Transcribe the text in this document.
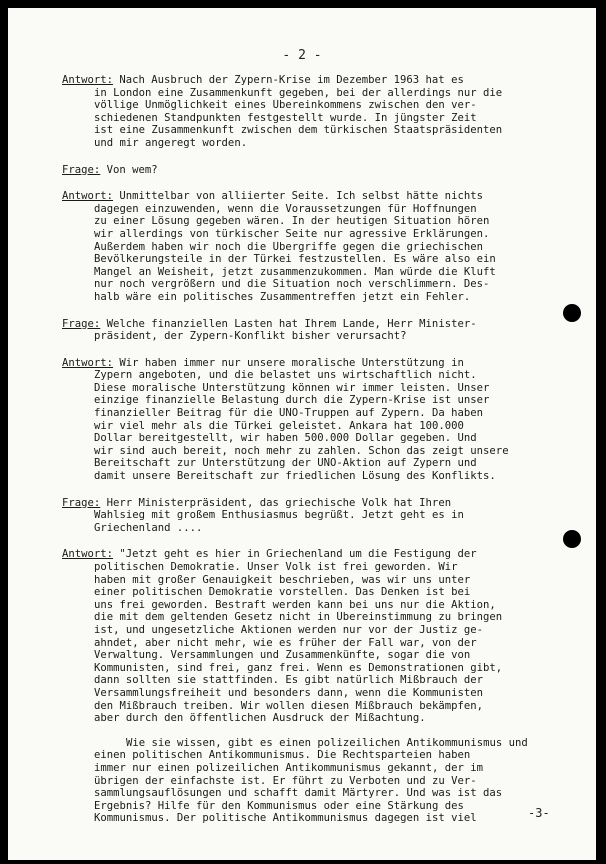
- 2 -
Antwort: Nach Ausbruch der Zypern-Krise im Dezember 1963 hat es
in London eine Zusammenkunft gegeben, bei der allerdings nur die
völlige Unmöglichkeit eines Übereinkommens zwischen den ver-
schiedenen Standpunkten festgestellt wurde. In jüngster Zeit
ist eine Zusammenkunft zwischen dem türkischen Staatspräsidenten
und mir angeregt worden.
Frage: Von wem?
Antwort: Unmittelbar von alliierter Seite. Ich selbst hätte nichts
dagegen einzuwenden, wenn die Voraussetzungen für Hoffnungen
zu einer Lösung gegeben wären. In der heutigen Situation hören
wir allerdings von türkischer Seite nur agressive Erklärungen.
Außerdem haben wir noch die Übergriffe gegen die griechischen
Bevölkerungsteile in der Türkei festzustellen. Es wäre also ein
Mangel an Weisheit, jetzt zusammenzukommen. Man würde die Kluft
nur noch vergrößern und die Situation noch verschlimmern. Des-
halb wäre ein politisches Zusammentreffen jetzt ein Fehler.
Frage: Welche finanziellen Lasten hat Ihrem Lande, Herr Minister-
präsident, der Zypern-Konflikt bisher verursacht?
Antwort: Wir haben immer nur unsere moralische Unterstützung in
Zypern angeboten, und die belastet uns wirtschaftlich nicht.
Diese moralische Unterstützung können wir immer leisten. Unser
einzige finanzielle Belastung durch die Zypern-Krise ist unser
finanzieller Beitrag für die UNO-Truppen auf Zypern. Da haben
wir viel mehr als die Türkei geleistet. Ankara hat 100.000
Dollar bereitgestellt, wir haben 500.000 Dollar gegeben. Und
wir sind auch bereit, noch mehr zu zahlen. Schon das zeigt unsere
Bereitschaft zur Unterstützung der UNO-Aktion auf Zypern und
damit unsere Bereitschaft zur friedlichen Lösung des Konflikts.
Frage: Herr Ministerpräsident, das griechische Volk hat Ihren
Wahlsieg mit großem Enthusiasmus begrüßt. Jetzt geht es in
Griechenland ....
Antwort: "Jetzt geht es hier in Griechenland um die Festigung der
politischen Demokratie. Unser Volk ist frei geworden. Wir
haben mit großer Genauigkeit beschrieben, was wir uns unter
einer politischen Demokratie vorstellen. Das Denken ist bei
uns frei geworden. Bestraft werden kann bei uns nur die Aktion,
die mit dem geltenden Gesetz nicht in Übereinstimmung zu bringen
ist, und ungesetzliche Aktionen werden nur vor der Justiz ge-
ahndet, aber nicht mehr, wie es früher der Fall war, von der
Verwaltung. Versammlungen und Zusammenkünfte, sogar die von
Kommunisten, sind frei, ganz frei. Wenn es Demonstrationen gibt,
dann sollten sie stattfinden. Es gibt natürlich Mißbrauch der
Versammlungsfreiheit und besonders dann, wenn die Kommunisten
den Mißbrauch treiben. Wir wollen diesen Mißbrauch bekämpfen,
aber durch den öffentlichen Ausdruck der Mißachtung.
Wie sie wissen, gibt es einen polizeilichen Antikommunismus und
einen politischen Antikommunismus. Die Rechtsparteien haben
immer nur einen polizeilichen Antikommunismus gekannt, der im
übrigen der einfachste ist. Er führt zu Verboten und zu Ver-
sammlungsauflösungen und schafft damit Märtyrer. Und was ist das
Ergebnis? Hilfe für den Kommunismus oder eine Stärkung des
Kommunismus. Der politische Antikommunismus dagegen ist viel	-3-
